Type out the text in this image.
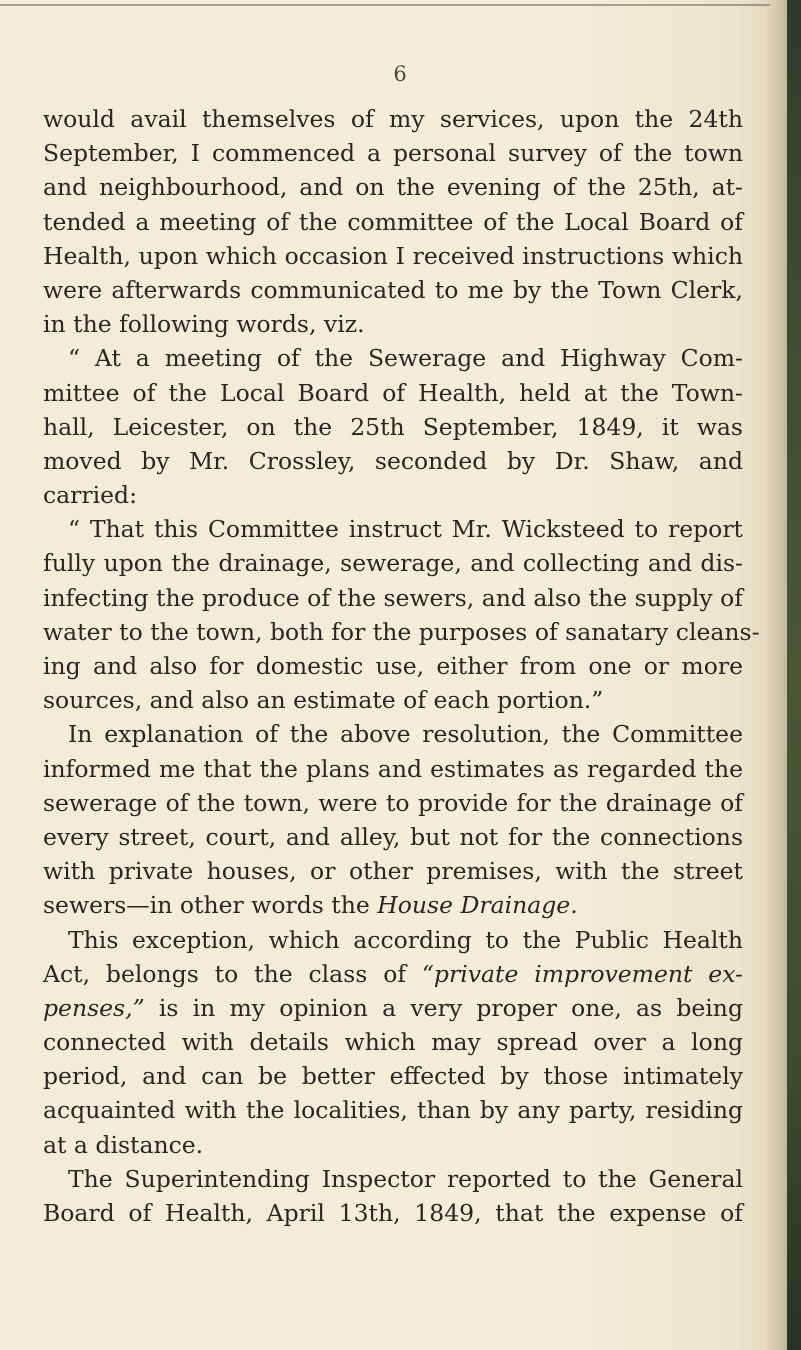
6
would avail themselves of my services, upon the 24th
September, I commenced a personal survey of the town
and neighbourhood, and on the evening of the 25th, at-
tended a meeting of the committee of the Local Board of
Health, upon which occasion I received instructions which
were afterwards communicated to me by the Town Clerk,
in the following words, viz.
“ At a meeting of the Sewerage and Highway Com-
mittee of the Local Board of Health, held at the Town-
hall, Leicester, on the 25th September, 1849, it was
moved by Mr. Crossley, seconded by Dr. Shaw, and
carried:
“ That this Committee instruct Mr. Wicksteed to report
fully upon the drainage, sewerage, and collecting and dis-
infecting the produce of the sewers, and also the supply of
water to the town, both for the purposes of sanatary cleans-
ing and also for domestic use, either from one or more
sources, and also an estimate of each portion.”
In explanation of the above resolution, the Committee
informed me that the plans and estimates as regarded the
sewerage of the town, were to provide for the drainage of
every street, court, and alley, but not for the connections
with private houses, or other premises, with the street
sewers—in other words the House Drainage.
This exception, which according to the Public Health
Act, belongs to the class of “private improvement ex-
penses,” is in my opinion a very proper one, as being
connected with details which may spread over a long
period, and can be better effected by those intimately
acquainted with the localities, than by any party, residing
at a distance.
The Superintending Inspector reported to the General
Board of Health, April 13th, 1849, that the expense of
